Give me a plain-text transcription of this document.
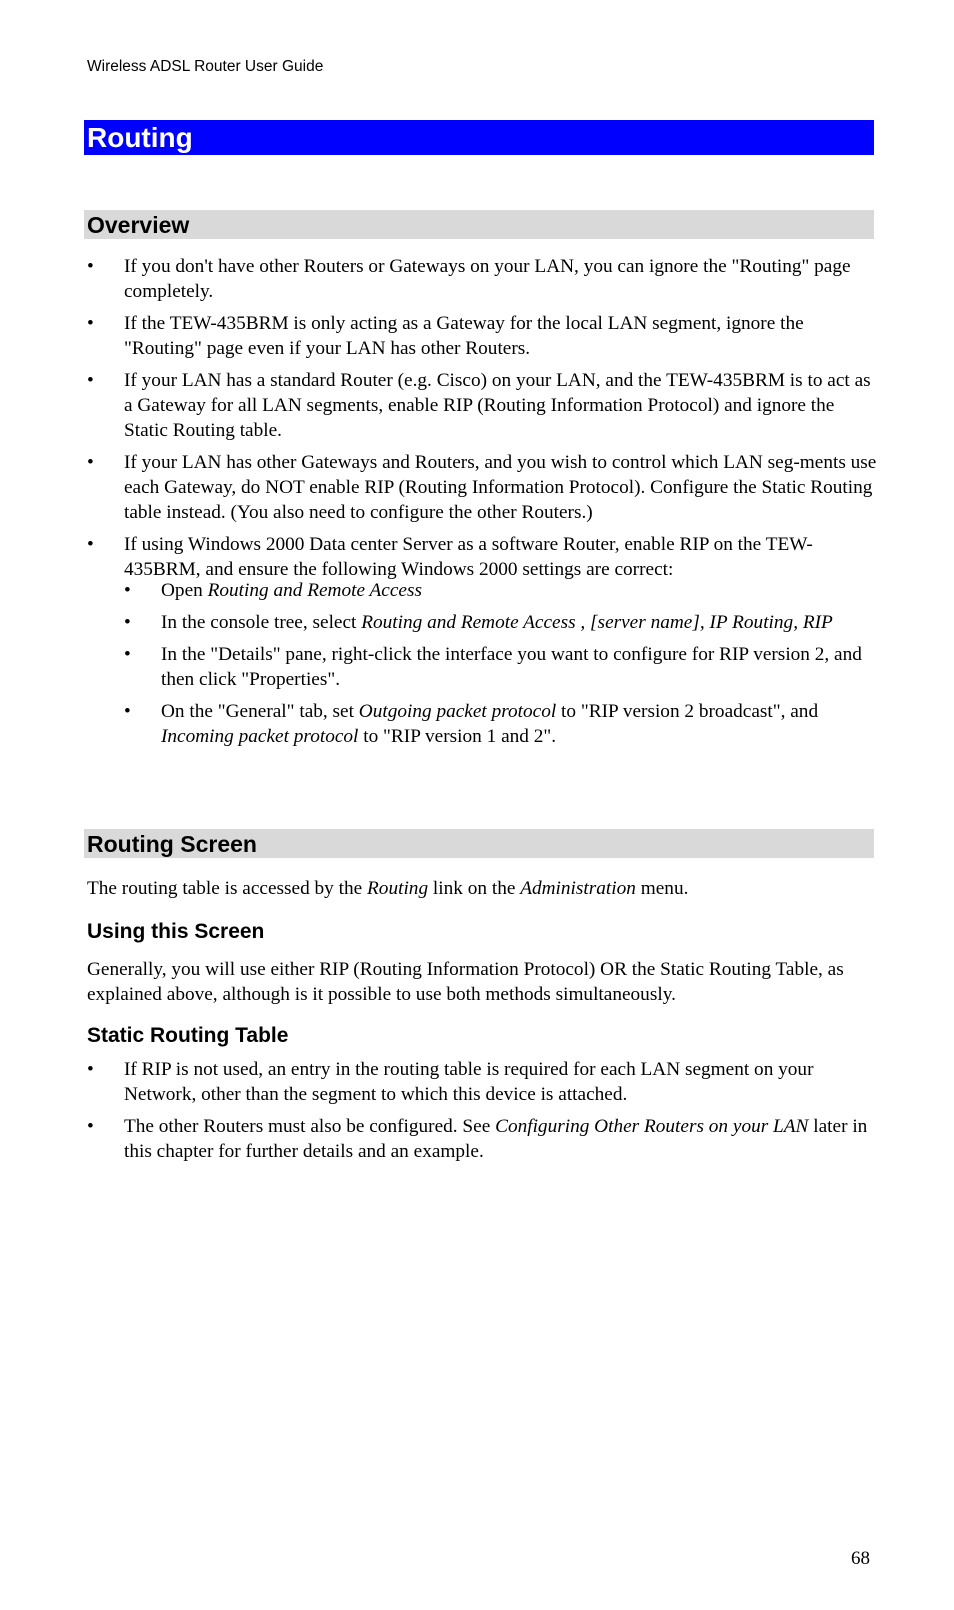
Wireless ADSL Router User Guide
Routing
Overview
• If you don't have other Routers or Gateways on your LAN, you can ignore the "Routing" page completely.
• If the TEW-435BRM is only acting as a Gateway for the local LAN segment, ignore the "Routing" page even if your LAN has other Routers.
• If your LAN has a standard Router (e.g. Cisco) on your LAN, and the TEW-435BRM is to act as a Gateway for all LAN segments, enable RIP (Routing Information Protocol) and ignore the Static Routing table.
• If your LAN has other Gateways and Routers, and you wish to control which LAN seg-ments use each Gateway, do NOT enable RIP (Routing Information Protocol). Configure the Static Routing table instead. (You also need to configure the other Routers.)
• If using Windows 2000 Data center Server as a software Router, enable RIP on the TEW-435BRM, and ensure the following Windows 2000 settings are correct:
• Open Routing and Remote Access
• In the console tree, select Routing and Remote Access , [server name], IP Routing, RIP
• In the "Details" pane, right-click the interface you want to configure for RIP version 2, and then click "Properties".
• On the "General" tab, set Outgoing packet protocol to "RIP version 2 broadcast", and Incoming packet protocol to "RIP version 1 and 2".
Routing Screen
The routing table is accessed by the Routing link on the Administration menu.
Using this Screen
Generally, you will use either RIP (Routing Information Protocol) OR the Static Routing Table, as explained above, although is it possible to use both methods simultaneously.
Static Routing Table
• If RIP is not used, an entry in the routing table is required for each LAN segment on your Network, other than the segment to which this device is attached.
• The other Routers must also be configured. See Configuring Other Routers on your LAN later in this chapter for further details and an example.
68
